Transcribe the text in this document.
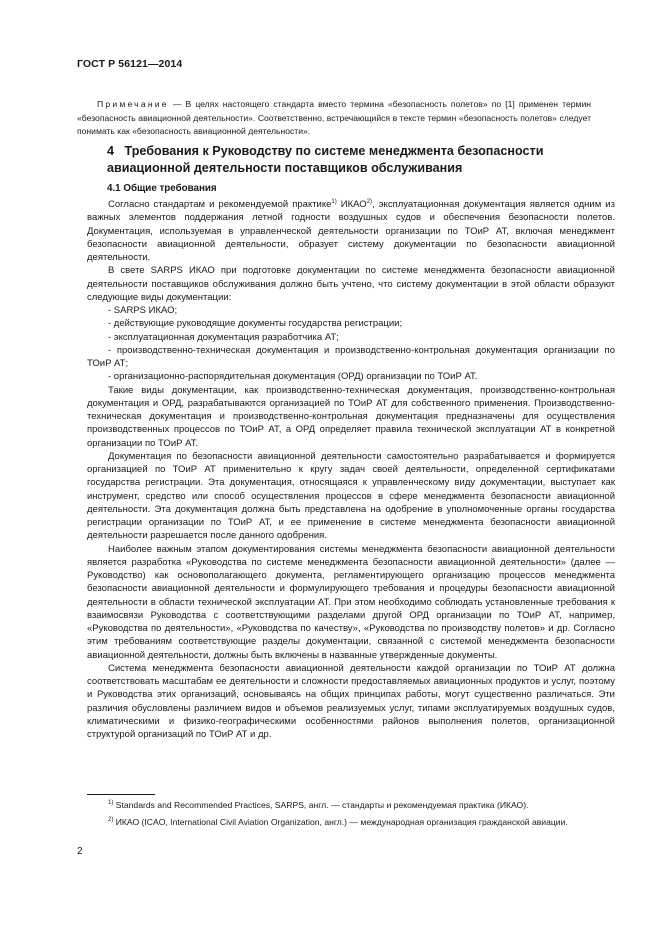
ГОСТ Р 56121—2014
Примечание — В целях настоящего стандарта вместо термина «безопасность полетов» по [1] применен термин «безопасность авиационной деятельности». Соответственно, встречающийся в тексте термин «безопасность полетов» следует понимать как «безопасность авиационной деятельности».
4 Требования к Руководству по системе менеджмента безопасности авиационной деятельности поставщиков обслуживания
4.1 Общие требования

Согласно стандартам и рекомендуемой практике$^{1)}$ ИКАО$^{2)}$, эксплуатационная документация является одним из важных элементов поддержания летной годности воздушных судов и обеспечения безопасности полетов. Документация, используемая в управленческой деятельности организации по ТОиР АТ, включая менеджмент безопасности авиационной деятельности, образует систему документации по безопасности авиационной деятельности.

В свете SARPS ИКАО при подготовке документации по системе менеджмента безопасности авиационной деятельности поставщиков обслуживания должно быть учтено, что систему документации в этой области образуют следующие виды документации:

- SARPS ИКАО;

- действующие руководящие документы государства регистрации;

- эксплуатационная документация разработчика АТ;

- производственно-техническая документация и производственно-контрольная документация организации по ТОиР АТ;

- организационно-распорядительная документация (ОРД) организации по ТОиР АТ.

Такие виды документации, как производственно-техническая документация, производственно-контрольная документация и ОРД, разрабатываются организацией по ТОиР АТ для собственного применения. Производственно-техническая документация и производственно-контрольная документация предназначены для осуществления производственных процессов по ТОиР АТ, а ОРД определяет правила технической эксплуатации АТ в конкретной организации по ТОиР АТ.

Документация по безопасности авиационной деятельности самостоятельно разрабатывается и формируется организацией по ТОиР АТ применительно к кругу задач своей деятельности, определенной сертификатами государства регистрации. Эта документация, относящаяся к управленческому виду документации, выступает как инструмент, средство или способ осуществления процессов в сфере менеджмента безопасности авиационной деятельности. Эта документация должна быть представлена на одобрение в уполномоченные органы государства регистрации организации по ТОиР АТ, и ее применение в системе менеджмента безопасности авиационной деятельности разрешается после данного одобрения.

Наиболее важным этапом документирования системы менеджмента безопасности авиационной деятельности является разработка «Руководства по системе менеджмента безопасности авиационной деятельности» (далее — Руководство) как основополагающего документа, регламентирующего организацию процессов менеджмента безопасности авиационной деятельности и формулирующего требования и процедуры безопасности авиационной деятельности в области технической эксплуатации АТ. При этом необходимо соблюдать установленные требования к взаимосвязи Руководства с соответствующими разделами другой ОРД организации по ТОиР АТ, например, «Руководства по деятельности», «Руководства по качеству», «Руководства по производству полетов» и др. Согласно этим требованиям соответствующие разделы документации, связанной с системой менеджмента безопасности авиационной деятельности, должны быть включены в названные утвержденные документы.

Система менеджмента безопасности авиационной деятельности каждой организации по ТОиР АТ должна соответствовать масштабам ее деятельности и сложности предоставляемых авиационных продуктов и услуг, поэтому и Руководства этих организаций, основываясь на общих принципах работы, могут существенно различаться. Эти различия обусловлены различием видов и объемов реализуемых услуг, типами эксплуатируемых воздушных судов, климатическими и физико-географическими особенностями районов выполнения полетов, организационной структурой организаций по ТОиР АТ и др.

$^{1)}$ Standards and Recommended Practices, SARPS, англ. — стандарты и рекомендуемая практика (ИКАО).
$^{2)}$ ИКАО (ICAO, International Civil Aviation Organization, англ.) — международная организация гражданской авиации.
2
